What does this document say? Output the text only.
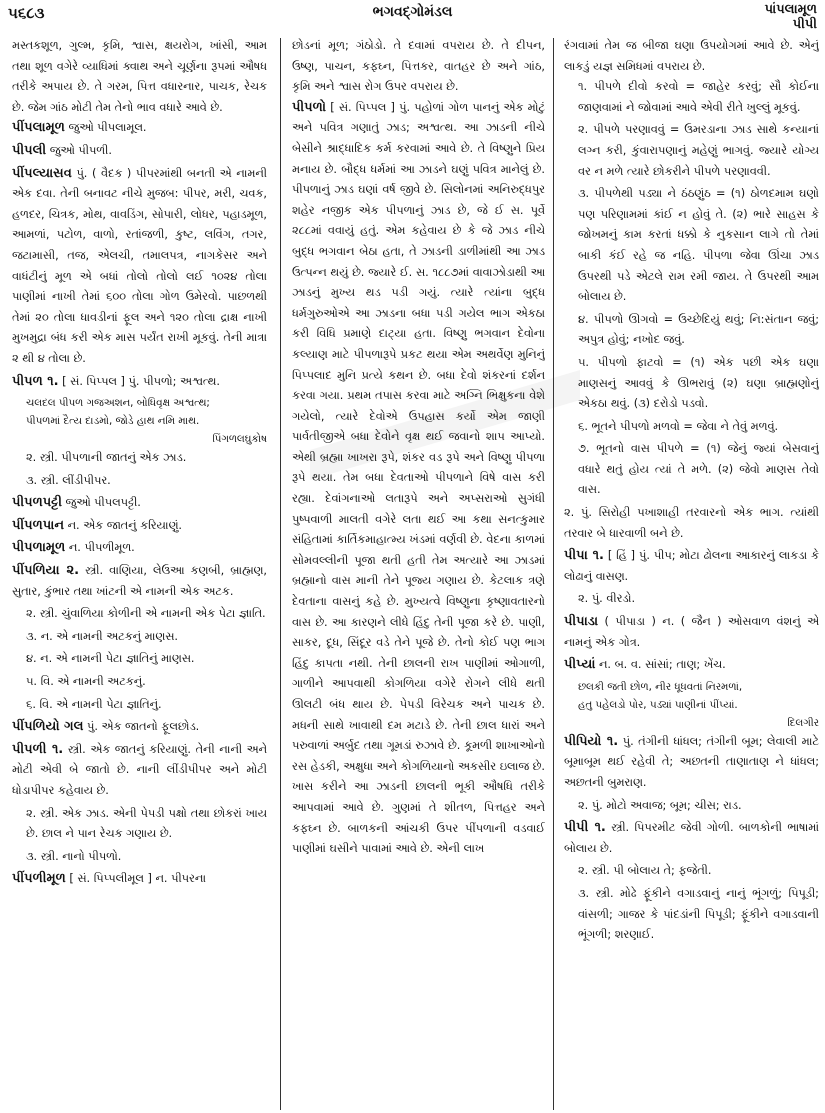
૫૬૮૩	ભગવદ્ગોમંડલ	પાંપલામૂળ
પીપી
મસ્તકશૂળ, ગુલ્મ, કૃમિ, શ્વાસ, ક્ષયરોગ, ખાંસી, આમ તથા શૂળ વગેરે વ્યાધિમાં ક્વાથ અને ચૂર્ણના રૂપમાં ઔષધ તરીકે અપાય છે. તે ગરમ, પિત્ત વધારનાર, પાચક, રેચક છે. જેમ ગાંઠ મોટી તેમ તેનો ભાવ વધારે આવે છે.
પીંપલામૂળ જુઓ પીપલામૂલ.
પીપલી જુઓ પીપળી.
પીંપલ્યાસવ પું. ( વૈદક ) પીપરમાંથી બનતી એ નામની એક દવા. તેની બનાવટ નીચે મુજબ: પીપર, મરી, ચવક, હળદર, ચિત્રક, મોથ, વાવડિંગ, સોપારી, લોધર, પહાડમૂળ, આમળાં, પટોળ, વાળો, રતાંજળી, કુષ્ટ, લવિંગ, તગર, જટામાસી, તજ, એલચી, તમાલપત્ર, નાગકેસર અને વાધંટીનું મૂળ એ બધાં તોલો તોલો લઈ ૧૦૨૪ તોલા પાણીમાં નાખી તેમાં ૬૦૦ તોલા ગોળ ઉમેરવો. પાછળથી તેમાં ૨૦ તોલા ધાવડીનાં ફૂલ અને ૧૨૦ તોલા દ્રાક્ષ નાખી મુખમુદ્રા બંધ કરી એક માસ પર્યંત રાખી મૂકવું. તેની માત્રા ૨ થી ૪ તોલા છે.
પીપળ ૧. [ સં. પિપ્પલ ] પું. પીપળો; અશ્વત્થ.
ચલદલ પીપળ ગજઅશન, બોધિવૃક્ષ અશ્વત્થ;
પીપળમાં દૈત્ય દાડમો, જોડે હાથ નમિ માથ.
પિંગળલઘુકોષ
૨. સ્ત્રી. પીપળાની જાતનું એક ઝાડ.
૩. સ્ત્રી. લીંડીપીપર.
પીપળપટ્ટી જુઓ પીપલપટ્ટી.
પીંપળપાન ન. એક જાતનું કરિયાણું.
પીપળામૂળ ન. પીપળીમૂળ.
પીંપળિયા ૨. સ્ત્રી. વાણિયા, લેઉઆ કણબી, બ્રાહ્મણ, સુતાર, કુંભાર તથા ખાંટની એ નામની એક અટક.
૨. સ્ત્રી. ચુંવાળિયા કોળીની એ નામની એક પેટા જ્ઞાતિ.
૩. ન. એ નામની અટકનું માણસ.
૪. ન. એ નામની પેટા જ્ઞાતિનું માણસ.
૫. વિ. એ નામની અટકનું.
૬. વિ. એ નામની પેટા જ્ઞાતિનું.
પીંપળિયો ગલ પું. એક જાતનો ફૂલછોડ.
પીપળી ૧. સ્ત્રી. એક જાતનું કરિયાણું. તેની નાની અને મોટી એવી બે જાતો છે. નાની લીંડીપીપર અને મોટી ધોડાપીપર કહેવાય છે.
૨. સ્ત્રી. એક ઝાડ. એની પેપડી પક્ષો તથા છોકરાં ખાય છે. છાલ ને પાન રેચક ગણાય છે.
૩. સ્ત્રી. નાનો પીપળો.
પીંપળીમૂળ [ સં. પિપ્પલીમૂલ ] ન. પીપરના
છોડનાં મૂળ; ગંઠોડો. તે દવામાં વપરાય છે. તે દીપન, ઉષ્ણ, પાચન, કફઘ્ન, પિત્તકર, વાતહર છે અને ગાંઠ, કૃમિ અને શ્વાસ રોગ ઉપર વપરાય છે.
પીપળો [ સં. પિપ્પલ ] પું. પહોળાં ગોળ પાનનું એક મોટું અને પવિત્ર ગણાતું ઝાડ; અશ્વત્થ. આ ઝાડની નીચે બેસીને શ્રાદ્ધાદિક કર્મ કરવામાં આવે છે. તે વિષ્ણુને પ્રિય મનાય છે. બૌદ્ધ ધર્મમાં આ ઝાડને ઘણું પવિત્ર માનેલું છે. પીપળાનું ઝાડ ઘણાં વર્ષ જીવે છે. સિલોનમાં અનિરુદ્ધપુર શહેર નજીક એક પીપળાનું ઝાડ છે, જે ઈ સ. પૂર્વે ૨૮૮માં વવાયું હતું. એમ કહેવાય છે કે જે ઝાડ નીચે બુદ્ધ ભગવાન બેઠા હતા, તે ઝાડની ડાળીમાંથી આ ઝાડ ઉત્પન્ન થયું છે. જ્યારે ઈ. સ. ૧૮૮૭માં વાવાઝોડાથી આ ઝાડનું મુખ્ય થડ પડી ગયું. ત્યારે ત્યાંના બુદ્ધ ધર્મગુરુઓએ આ ઝાડના બધા પડી ગયેલ ભાગ એકઠા કરી વિધિ પ્રમાણે દાટ્યા હતા. વિષ્ણુ ભગવાન દેવોના કલ્યાણ માટે પીપળારૂપે પ્રકટ થયા એમ અથર્વેણ મુનિનું પિપ્પલાદ મુનિ પ્રત્યે કથન છે. બધા દેવો શંકરનાં દર્શન કરવા ગયા. પ્રથમ તપાસ કરવા માટે અગ્નિ ભિક્ષુકના વેશે ગયેલો, ત્યારે દેવોએ ઉપહાસ કર્યો એમ જાણી પાર્વતીજીએ બધા દેવોને વૃક્ષ થઈ જવાનો શાપ આપ્યો. એથી બ્રહ્મા ખાખરા રૂપે, શંકર વડ રૂપે અને વિષ્ણુ પીપળા રૂપે થયા. તેમ બધા દેવતાઓ પીપળાને વિષે વાસ કરી રહ્યા. દેવાંગનાઓ લતારૂપે અને અપ્સરાઓ સુગંધી પુષ્પવાળી માલતી વગેરે લતા થઈ આ કથા સનત્કુમાર સંહિતામાં કાર્તિકમાહાત્મ્ય ખંડમાં વર્ણવી છે. વેદના કાળમાં સોમવલ્લીની પૂજા થતી હતી તેમ અત્યારે આ ઝાડમાં બ્રહ્માનો વાસ માની તેને પૂજ્ય ગણાય છે. કેટલાક ત્રણે દેવતાના વાસનું કહે છે. મુખ્યત્વે વિષ્ણુના કૃષ્ણાવતારનો વાસ છે. આ કારણને લીધે હિંદુ તેની પૂજા કરે છે. પાણી, સાકર, દૂધ, સિંદૂર વડે તેને પૂજે છે. તેનો કોઈ પણ ભાગ હિંદુ કાપતા નથી. તેની છાલની રાખ પાણીમાં ઓગાળી, ગાળીને આપવાથી કોગળિયા વગેરે રોગને લીધે થતી ઊલટી બંધ થાય છે. પેપડી વિરેચક અને પાચક છે. મધની સાથે ખાવાથી દમ મટાડે છે. તેની છાલ ધારાં અને પરુવાળાં અર્બુદ તથા ગૂમડાં રુઝાવે છે. કૂમળી શાખાઓનો રસ હેડકી, અક્ષુધા અને કોગળિયાનો અકસીર ઇલાજ છે. ખાસ કરીને આ ઝાડની છાલની ભૂકી ઔષધિ તરીકે આપવામાં આવે છે. ગુણમાં તે શીતળ, પિત્તહર અને કફઘ્ન છે. બાળકની આંચકી ઉપર પીંપળાની વડવાઈ પાણીમાં ઘસીને પાવામાં આવે છે. એની લાખ
રંગવામાં તેમ જ બીજા ઘણા ઉપયોગમાં આવે છે. એનું લાકડું યજ્ઞ સમિધમાં વપરાય છે.
૧. પીપળે દીવો કરવો = જાહેર કરવું; સૌ કોઈના જાણવામાં ને જોવામાં આવે એવી રીતે ખુલ્લું મૂકવું.
૨. પીપળે પરણાવવું = ઉમરડાના ઝાડ સાથે કન્યાનાં લગ્ન કરી, કુંવારાપણાનું મહેણું ભાગવું. જ્યારે યોગ્ય વર ન મળે ત્યારે છોકરીને પીપળે પરણાવવી.
૩. પીપળેથી પડ્યા ને ઠંઠણુંઠ = (૧) ઠોળદમામ ઘણો પણ પરિણામમાં કાંઈ ન હોવું તે. (૨) ભારે સાહસ કે જોખમનું કામ કરતાં ધક્કો કે નુકસાન લાગે તો તેમાં બાકી કંઈ રહે જ નહિ. પીપળા જેવા ઊંચા ઝાડ ઉપરથી પડે એટલે રામ રમી જાય. તે ઉપરથી આમ બોલાય છે.
૪. પીપળો ઊગવો = ઉચ્છેદિયું થવું; નિ:સંતાન જવું; અપુત્ર હોવું; નખોદ જવું.
૫. પીપળો ફાટવો = (૧) એક પછી એક ઘણા માણસનું આવવું કે ઊભરાવું (૨) ઘણા બ્રાહ્મણોનું એકઠા થવું. (૩) દરોડો પડવો.
૬. ભૂતને પીપળો મળવો = જેવા ને તેવું મળવું.
૭. ભૂતનો વાસ પીપળે = (૧) જેનું જ્યાં બેસવાનું વધારે થતું હોય ત્યાં તે મળે. (૨) જેવો માણસ તેવો વાસ.
૨. પું. સિરોહી પખાશાહી તરવારનો એક ભાગ. ત્યાંથી તરવાર બે ધારવાળી બને છે.
પીપા ૧. [ હિં ] પું. પીપ; મોટા ઢોલના આકારનું લાકડા કે લોઢાનું વાસણ.
૨. પું. વીરડો.
પીપાડા ( પીપાડા ) ન. ( જૈન ) ઓસવાળ વંશનું એ નામનું એક ગોત્ર.
પીપ્યાં ન. બ. વ. સાંસાં; તાણ; ખેંચ.
છલકી જતી છોળ, નીર ધૂધવતાં નિરમળાં,
હતુ પહેલડો પોર, પડ્યાં પાણીનાં પીંપ્યાં.
દિલગીર
પીપિયો ૧. પું. તંગીની ધાંધલ; તંગીની બૂમ; લેવાલી માટે બૂમાબૂમ થઈ રહેવી તે; અછતની તાણાતાણ ને ધાંધલ; અછતની બુમરાણ.
૨. પું. મોટો અવાજ; બૂમ; ચીસ; રાડ.
પીપી ૧. સ્ત્રી. પિપરમીટ જેવી ગોળી. બાળકોની ભાષામાં બોલાય છે.
૨. સ્ત્રી. પી બોલાય તે; ફજેતી.
૩. સ્ત્રી. મોઢે ફૂંકીને વગાડવાનું નાનું ભૂંગળું; પિપૂડી; વાંસળી; ગાજર કે પાંદડાંની પિપૂડી; ફૂંકીને વગાડવાની ભૂંગળી; શરણાઈ.
